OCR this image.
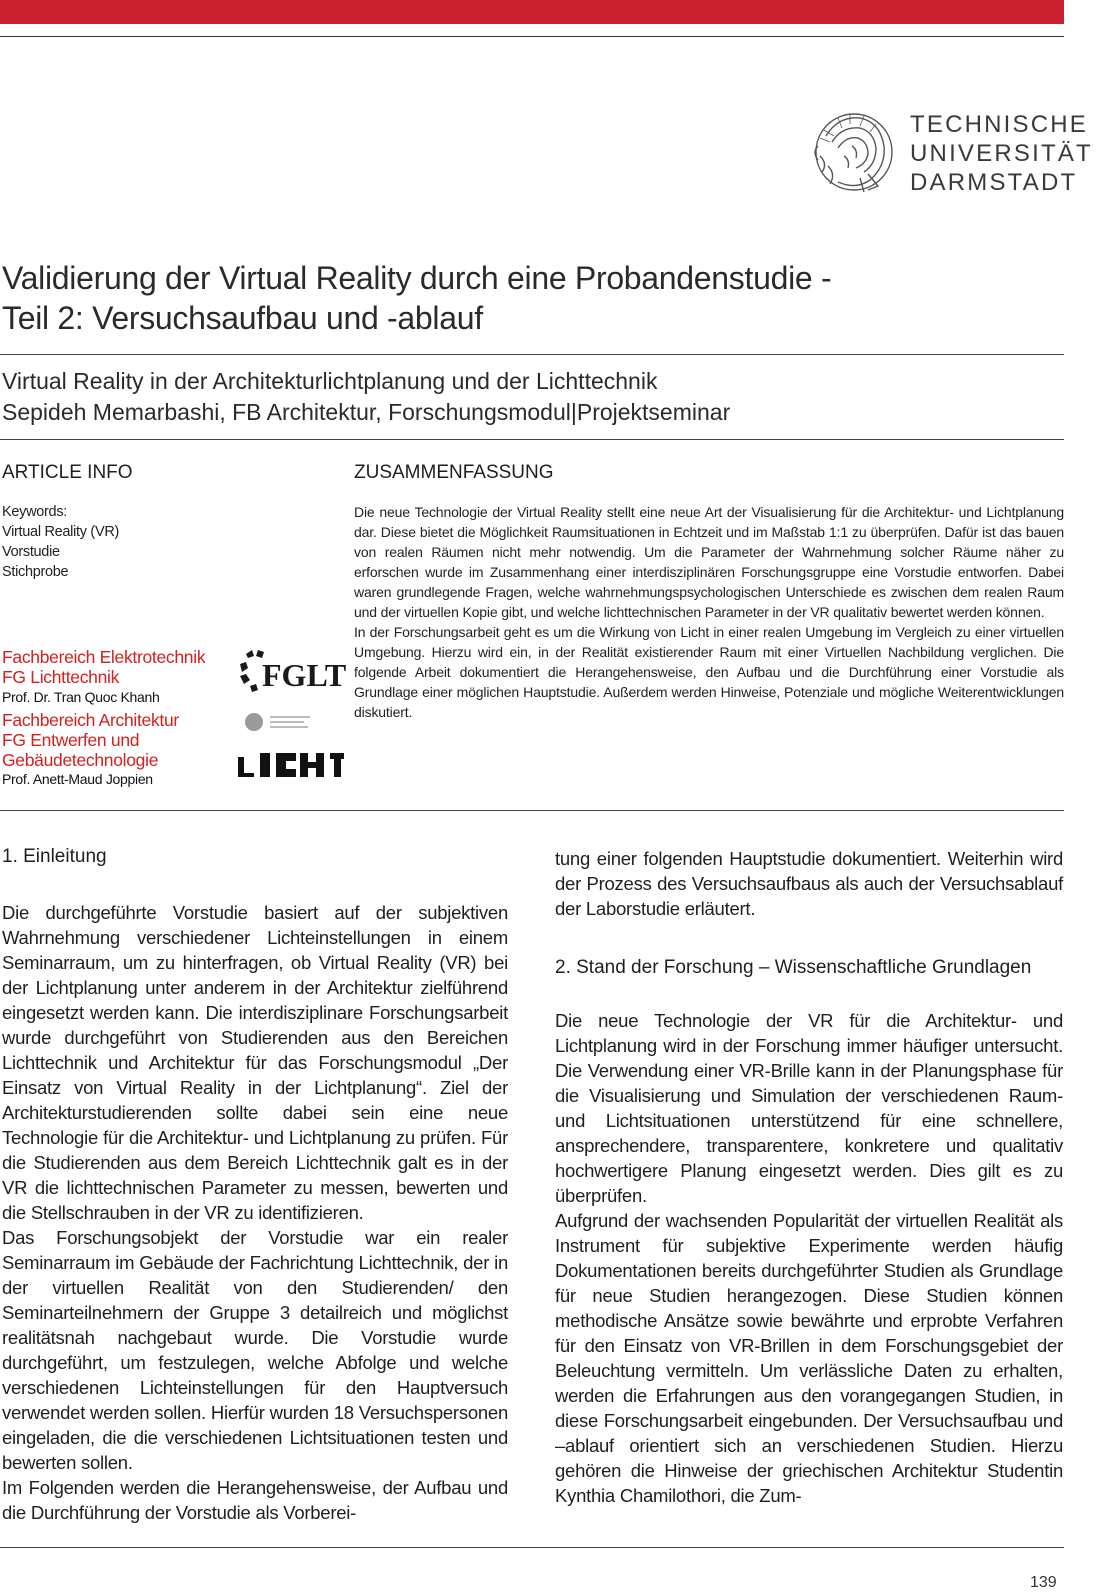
TECHNISCHE
UNIVERSITÄT
DARMSTADT
Validierung der Virtual Reality durch eine Probandenstudie -
Teil 2: Versuchsaufbau und -ablauf
Virtual Reality in der Architekturlichtplanung und der Lichttechnik
Sepideh Memarbashi, FB Architektur, Forschungsmodul|Projektseminar
ARTICLE INFO
Keywords:
Virtual Reality (VR)
Vorstudie
Stichprobe
Fachbereich Elektrotechnik
FG Lichttechnik
Prof. Dr. Tran Quoc Khanh
Fachbereich Architektur
FG Entwerfen und
Gebäudetechnologie
Prof. Anett-Maud Joppien
FGLT
ZUSAMMENFASSUNG

Die neue Technologie der Virtual Reality stellt eine neue Art der Visualisierung für die Architektur- und Lichtplanung dar. Diese bietet die Möglichkeit Raumsituationen in Echtzeit und im Maßstab 1:1 zu überprüfen. Dafür ist das bauen von realen Räumen nicht mehr notwendig. Um die Parameter der Wahrnehmung solcher Räume näher zu erforschen wurde im Zusammenhang einer interdisziplinären Forschungsgruppe eine Vorstudie entworfen. Dabei waren grundlegende Fragen, welche wahrnehmungspsychologischen Unterschiede es zwischen dem realen Raum und der virtuellen Kopie gibt, und welche lichttechnischen Parameter in der VR qualitativ bewertet werden können.

In der Forschungsarbeit geht es um die Wirkung von Licht in einer realen Umgebung im Vergleich zu einer virtuellen Umgebung. Hierzu wird ein, in der Realität existierender Raum mit einer Virtuellen Nachbildung verglichen. Die folgende Arbeit dokumentiert die Herangehensweise, den Aufbau und die Durchführung einer Vorstudie als Grundlage einer möglichen Hauptstudie. Außerdem werden Hinweise, Potenziale und mögliche Weiterentwicklungen diskutiert.

1. Einleitung

Die durchgeführte Vorstudie basiert auf der subjektiven Wahrnehmung verschiedener Lichteinstellungen in einem Seminarraum, um zu hinterfragen, ob Virtual Reality (VR) bei der Lichtplanung unter anderem in der Architektur zielführend eingesetzt werden kann. Die interdisziplinare Forschungsarbeit wurde durchgeführt von Studierenden aus den Bereichen Lichttechnik und Architektur für das Forschungsmodul „Der Einsatz von Virtual Reality in der Lichtplanung“. Ziel der Architekturstudierenden sollte dabei sein eine neue Technologie für die Architektur- und Lichtplanung zu prüfen. Für die Studierenden aus dem Bereich Lichttechnik galt es in der VR die lichttechnischen Parameter zu messen, bewerten und die Stellschrauben in der VR zu identifizieren.

Das Forschungsobjekt der Vorstudie war ein realer Seminarraum im Gebäude der Fachrichtung Lichttechnik, der in der virtuellen Realität von den Studierenden/ den Seminarteilnehmern der Gruppe 3 detailreich und möglichst realitätsnah nachgebaut wurde. Die Vorstudie wurde durchgeführt, um festzulegen, welche Abfolge und welche verschiedenen Lichteinstellungen für den Hauptversuch verwendet werden sollen. Hierfür wurden 18 Versuchspersonen eingeladen, die die verschiedenen Lichtsituationen testen und bewerten sollen.

Im Folgenden werden die Herangehensweise, der Aufbau und die Durchführung der Vorstudie als Vorberei-

tung einer folgenden Hauptstudie dokumentiert. Weiterhin wird der Prozess des Versuchsaufbaus als auch der Versuchsablauf der Laborstudie erläutert.

2. Stand der Forschung – Wissenschaftliche Grundlagen

Die neue Technologie der VR für die Architektur- und Lichtplanung wird in der Forschung immer häufiger untersucht. Die Verwendung einer VR-Brille kann in der Planungsphase für die Visualisierung und Simulation der verschiedenen Raum- und Lichtsituationen unterstützend für eine schnellere, ansprechendere, transparentere, konkretere und qualitativ hochwertigere Planung eingesetzt werden. Dies gilt es zu überprüfen.

Aufgrund der wachsenden Popularität der virtuellen Realität als Instrument für subjektive Experimente werden häufig Dokumentationen bereits durchgeführter Studien als Grundlage für neue Studien herangezogen. Diese Studien können methodische Ansätze sowie bewährte und erprobte Verfahren für den Einsatz von VR-Brillen in dem Forschungsgebiet der Beleuchtung vermitteln. Um verlässliche Daten zu erhalten, werden die Erfahrungen aus den vorangegangen Studien, in diese Forschungsarbeit eingebunden. Der Versuchsaufbau und –ablauf orientiert sich an verschiedenen Studien. Hierzu gehören die Hinweise der griechischen Architektur Studentin Kynthia Chamilothori, die Zum-

139
